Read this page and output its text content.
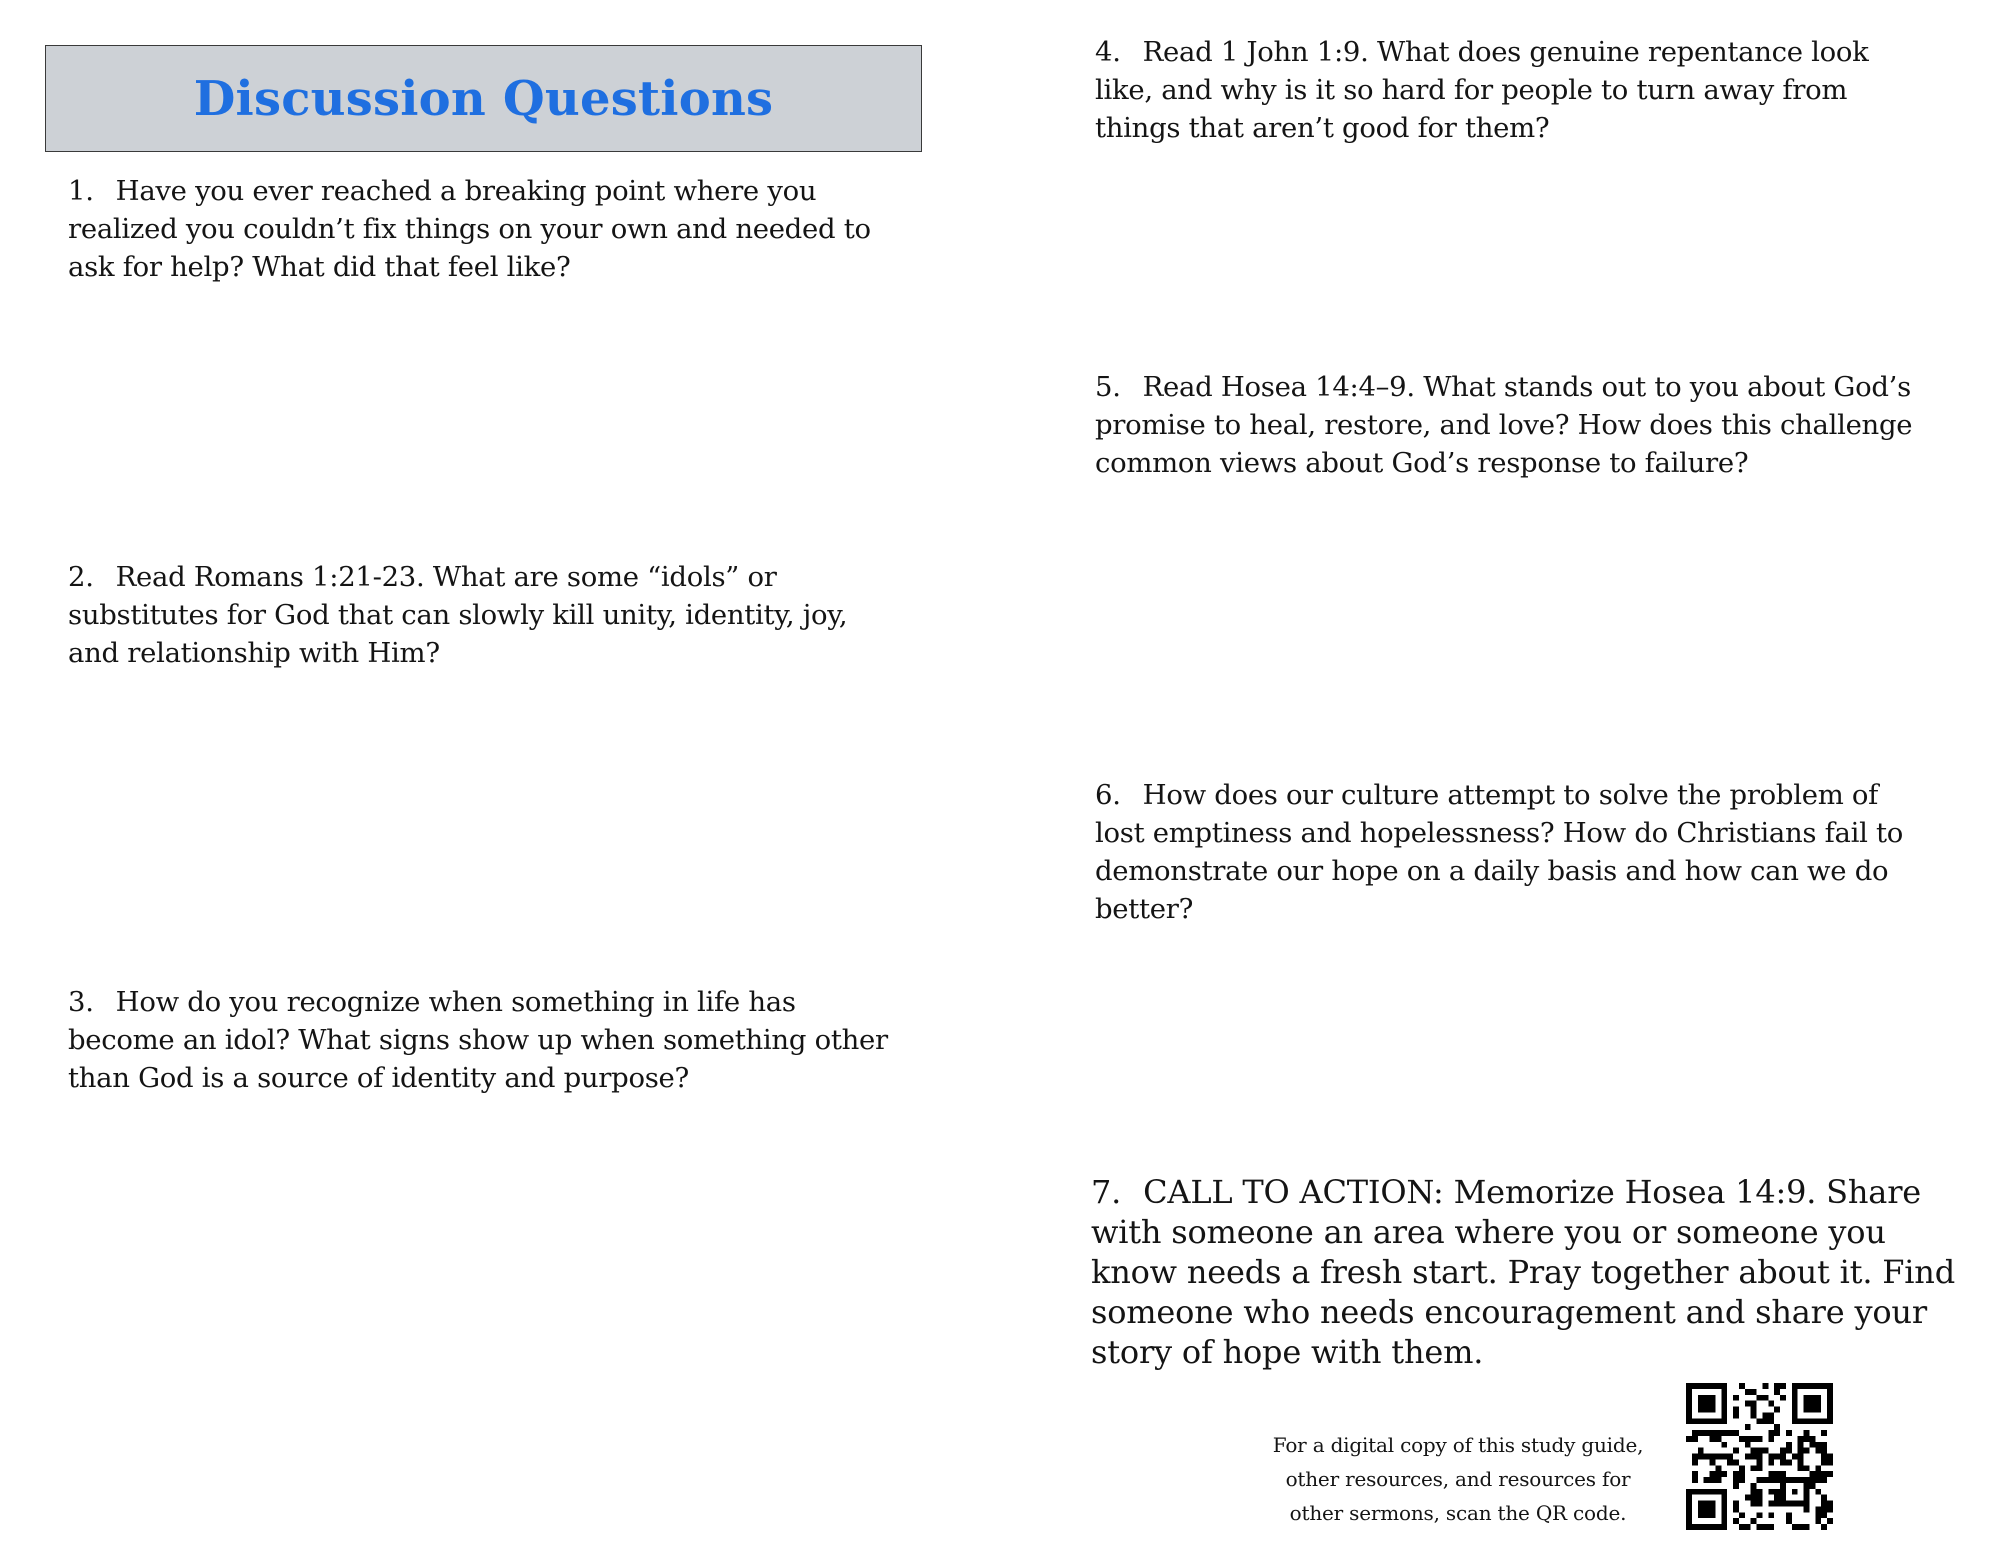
Discussion Questions

1. Have you ever reached a breaking point where you realized you couldn’t fix things on your own and needed to ask for help? What did that feel like?

2. Read Romans 1:21-23. What are some “idols” or substitutes for God that can slowly kill unity, identity, joy, and relationship with Him?

3. How do you recognize when something in life has become an idol? What signs show up when something other than God is a source of identity and purpose?

4. Read 1 John 1:9. What does genuine repentance look like, and why is it so hard for people to turn away from things that aren’t good for them?

5. Read Hosea 14:4–9. What stands out to you about God’s promise to heal, restore, and love? How does this challenge common views about God’s response to failure?

6. How does our culture attempt to solve the problem of lost emptiness and hopelessness? How do Christians fail to demonstrate our hope on a daily basis and how can we do better?

7. CALL TO ACTION: Memorize Hosea 14:9. Share with someone an area where you or someone you know needs a fresh start. Pray together about it. Find someone who needs encouragement and share your story of hope with them.

For a digital copy of this study guide,
other resources, and resources for
other sermons, scan the QR code.
